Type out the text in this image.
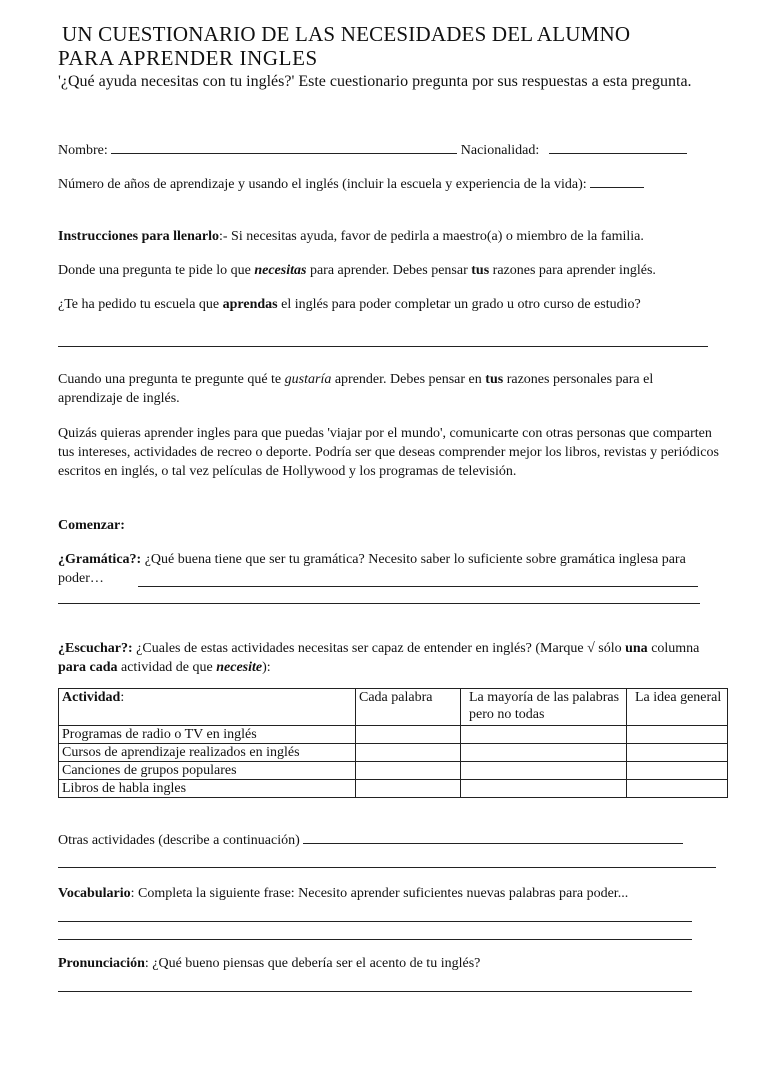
UN CUESTIONARIO DE LAS NECESIDADES DEL ALUMNO
PARA APRENDER INGLES

'¿Qué ayuda necesitas con tu inglés?' Este cuestionario pregunta por sus respuestas a esta pregunta.

Nombre:	Nacionalidad:

Número de años de aprendizaje y usando el inglés (incluir la escuela y experiencia de la vida):

Instrucciones para llenarlo:- Si necesitas ayuda, favor de pedirla a maestro(a) o miembro de la familia.

Donde una pregunta te pide lo que necesitas para aprender. Debes pensar tus razones para aprender inglés.

¿Te ha pedido tu escuela que aprendas el inglés para poder completar un grado u otro curso de estudio?

Cuando una pregunta te pregunte qué te gustaría aprender. Debes pensar en tus razones personales para el aprendizaje de inglés.

Quizás quieras aprender ingles para que puedas 'viajar por el mundo', comunicarte con otras personas que comparten tus intereses, actividades de recreo o deporte. Podría ser que deseas comprender mejor los libros, revistas y periódicos escritos en inglés, o tal vez películas de Hollywood y los programas de televisión.

Comenzar:

¿Gramática?: ¿Qué buena tiene que ser tu gramática? Necesito saber lo suficiente sobre gramática inglesa para poder…

¿Escuchar?: ¿Cuales de estas actividades necesitas ser capaz de entender en inglés? (Marque √ sólo una columna para cada actividad de que necesite):

Actividad:	Cada palabra	La mayoría de las palabras pero no todas	La idea general
Programas de radio o TV en inglés			
Cursos de aprendizaje realizados en inglés			
Canciones de grupos populares			
Libros de habla ingles			

Otras actividades (describe a continuación)

Vocabulario: Completa la siguiente frase: Necesito aprender suficientes nuevas palabras para poder...

Pronunciación: ¿Qué bueno piensas que debería ser el acento de tu inglés?
